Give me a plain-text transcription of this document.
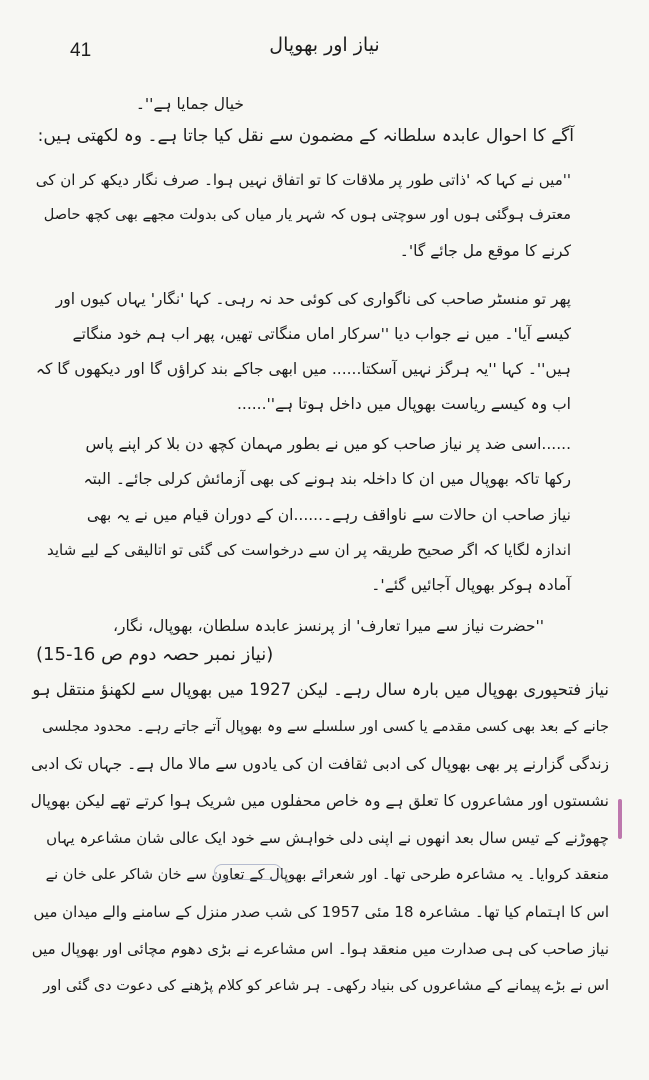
41	نیاز اور بھوپال
خیال جمایا ہے''۔
آگے کا احوال عابدہ سلطانہ کے مضمون سے نقل کیا جاتا ہے۔ وہ لکھتی ہیں:
''میں نے کہا کہ 'ذاتی طور پر ملاقات کا تو اتفاق نہیں ہوا۔ صرف نگار دیکھ کر ان کی
معترف ہوگئی ہوں اور سوچتی ہوں کہ شہر یار میاں کی بدولت مجھے بھی کچھ حاصل
کرنے کا موقع مل جائے گا'۔
پھر تو منسٹر صاحب کی ناگواری کی کوئی حد نہ رہی۔ کہا 'نگار' یہاں کیوں اور
کیسے آیا'۔ میں نے جواب دیا ''سرکار اماں منگاتی تھیں، پھر اب ہم خود منگاتے
ہیں''۔ کہا ''یہ ہرگز نہیں آسکتا...... میں ابھی جاکے بند کراؤں گا اور دیکھوں گا کہ
اب وہ کیسے ریاست بھوپال میں داخل ہوتا ہے''......
......اسی ضد پر نیاز صاحب کو میں نے بطور مہمان کچھ دن بلا کر اپنے پاس
رکھا تاکہ بھوپال میں ان کا داخلہ بند ہونے کی بھی آزمائش کرلی جائے۔ البتہ
نیاز صاحب ان حالات سے ناواقف رہے۔......ان کے دوران قیام میں نے یہ بھی
اندازہ لگایا کہ اگر صحیح طریقہ پر ان سے درخواست کی گئی تو اتالیقی کے لیے شاید
آمادہ ہوکر بھوپال آجائیں گئے'۔
''حضرت نیاز سے میرا تعارف' از پرنسز عابدہ سلطان، بھوپال، نگار،
(نیاز نمبر حصہ دوم ص 16-15)
نیاز فتحپوری بھوپال میں بارہ سال رہے۔ لیکن 1927 میں بھوپال سے لکھنؤ منتقل ہو
جانے کے بعد بھی کسی مقدمے یا کسی اور سلسلے سے وہ بھوپال آتے جاتے رہے۔ محدود مجلسی
زندگی گزارنے پر بھی بھوپال کی ادبی ثقافت ان کی یادوں سے مالا مال ہے۔ جہاں تک ادبی
نشستوں اور مشاعروں کا تعلق ہے وہ خاص محفلوں میں شریک ہوا کرتے تھے لیکن بھوپال
چھوڑنے کے تیس سال بعد انھوں نے اپنی دلی خواہش سے خود ایک عالی شان مشاعرہ یہاں
منعقد کروایا۔ یہ مشاعرہ طرحی تھا۔ اور شعرائے بھوپال کے تعاون سے خان شاکر علی خان نے
اس کا اہتمام کیا تھا۔ مشاعرہ 18 مئی 1957 کی شب صدر منزل کے سامنے والے میدان میں
نیاز صاحب کی ہی صدارت میں منعقد ہوا۔ اس مشاعرے نے بڑی دھوم مچائی اور بھوپال میں
اس نے بڑے پیمانے کے مشاعروں کی بنیاد رکھی۔ ہر شاعر کو کلام پڑھنے کی دعوت دی گئی اور
